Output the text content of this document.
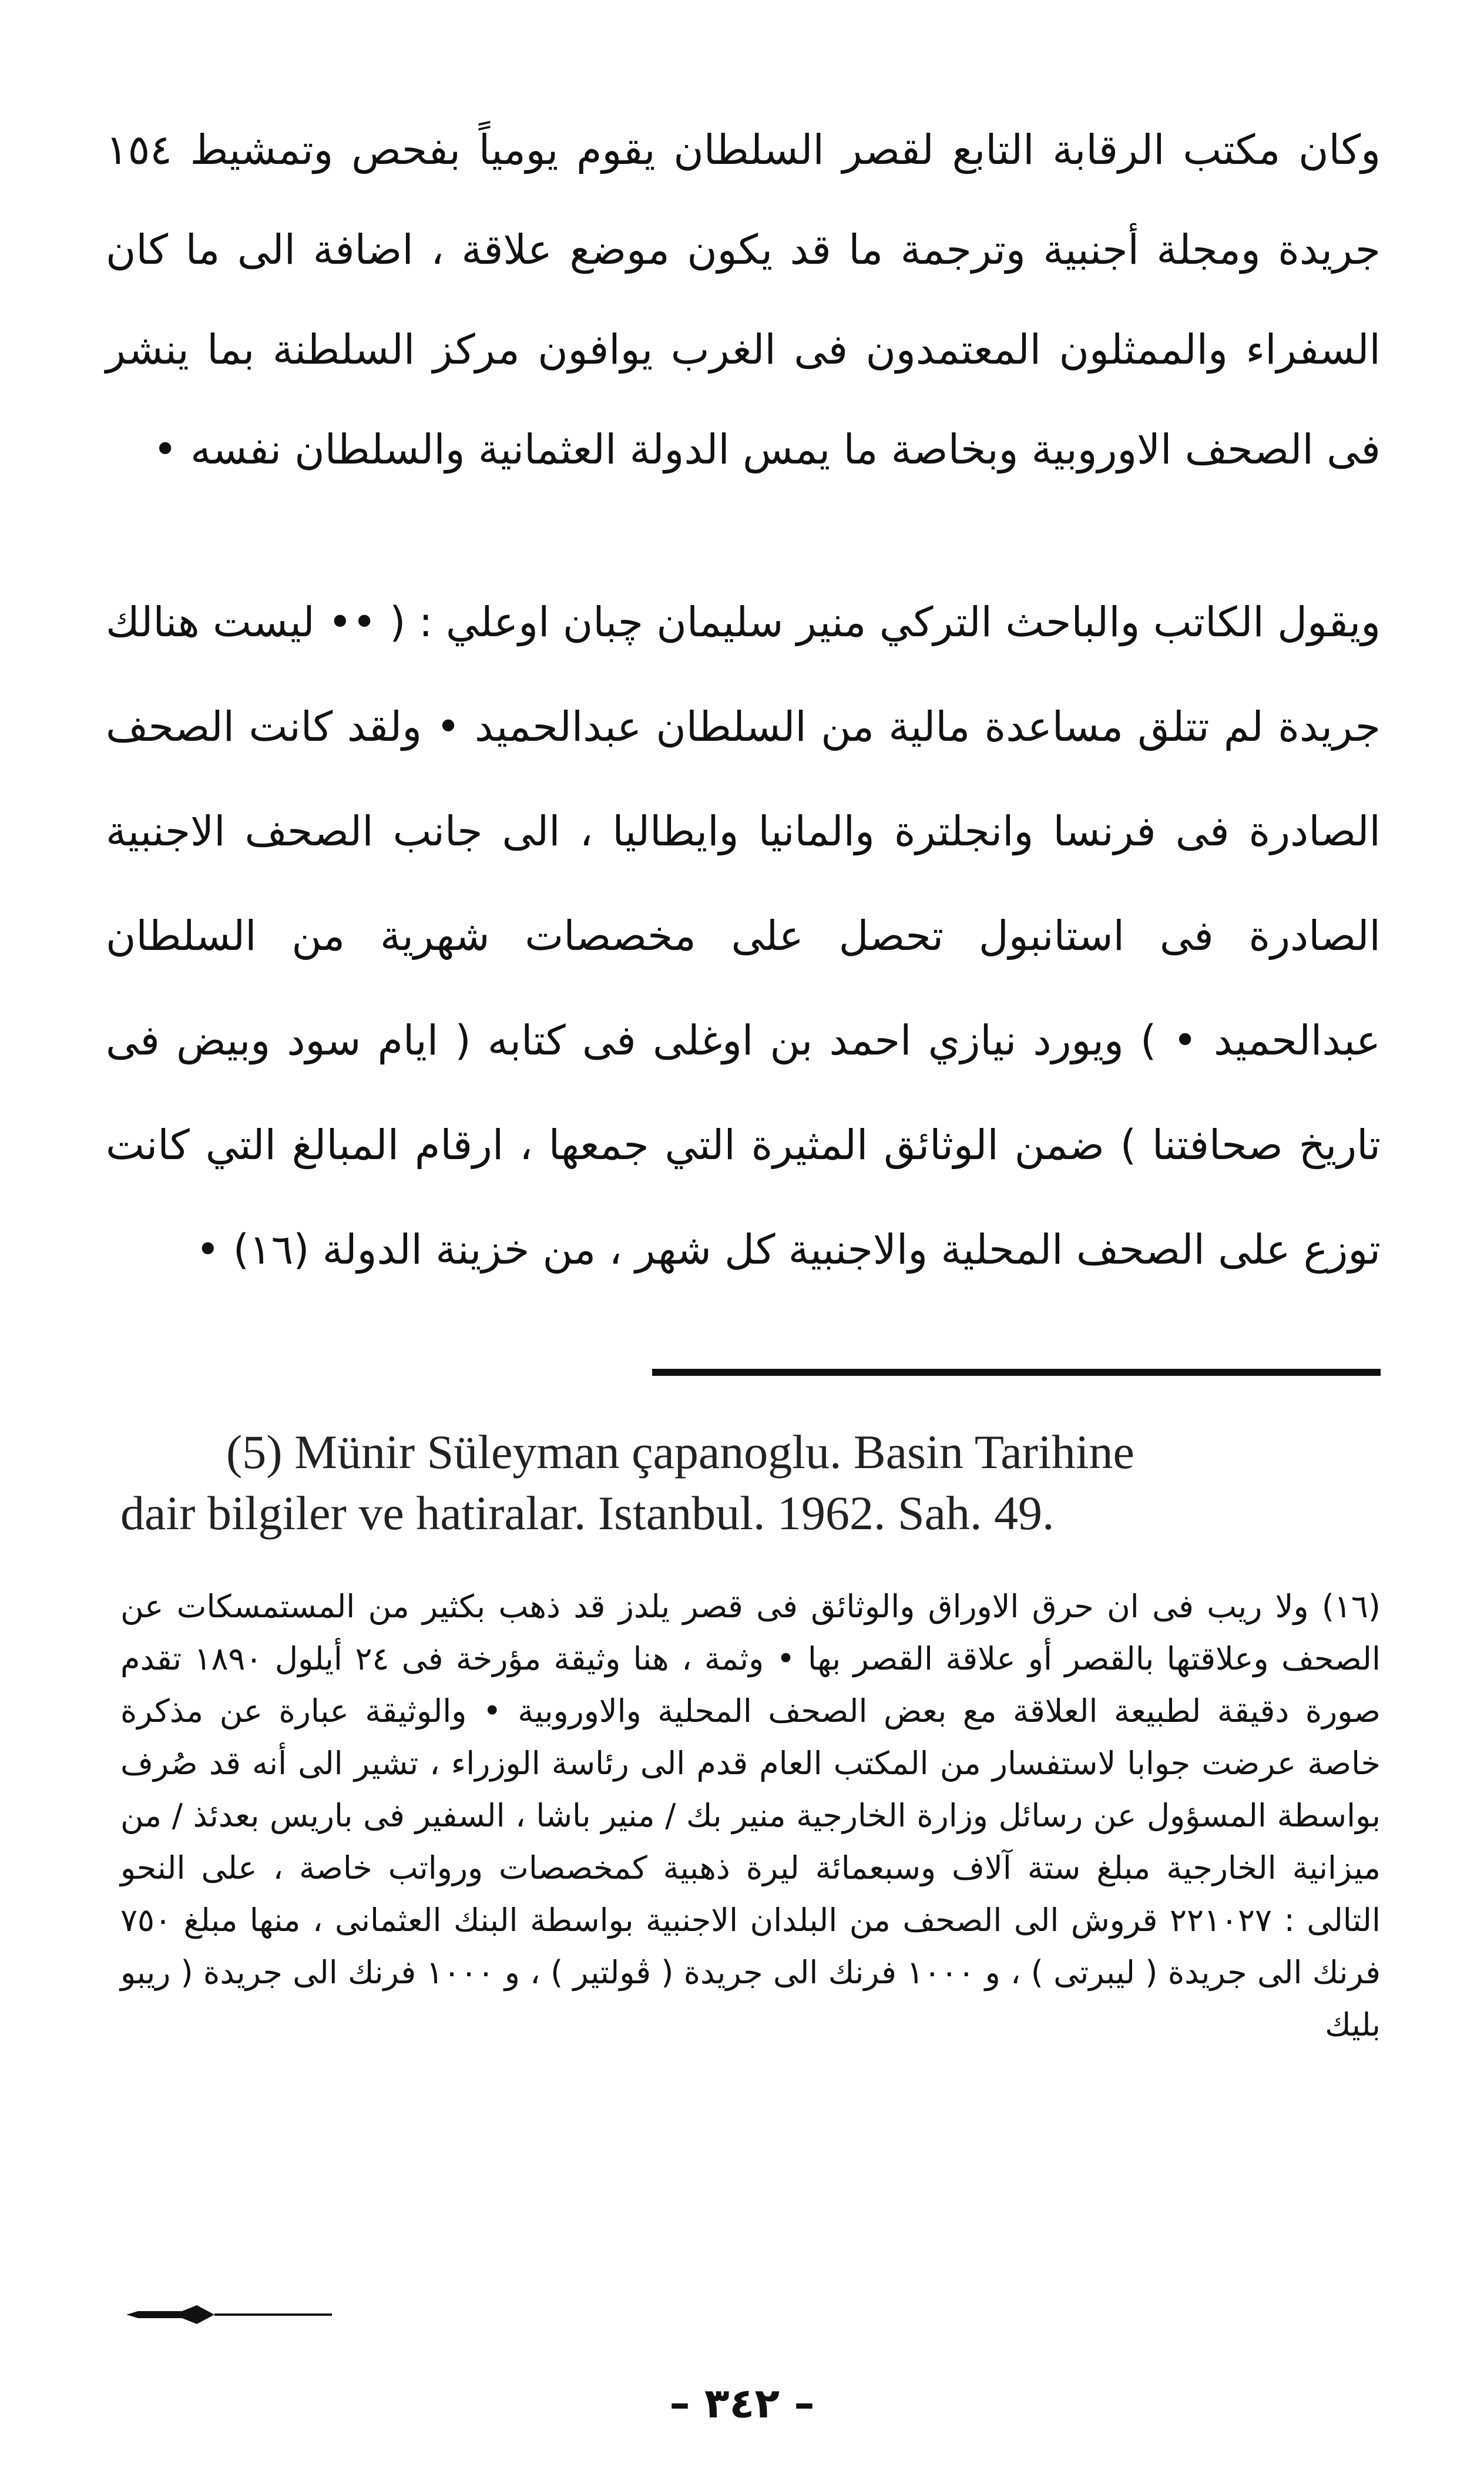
وكان مكتب الرقابة التابع لقصر السلطان يقوم يومياً بفحص وتمشيط ١٥٤ جريدة ومجلة أجنبية وترجمة ما قد يكون موضع علاقة ، اضافة الى ما كان السفراء والممثلون المعتمدون فى الغرب يوافون مركز السلطنة بما ينشر فى الصحف الاوروبية وبخاصة ما يمس الدولة العثمانية والسلطان نفسه •
ويقول الكاتب والباحث التركي منير سليمان چبان اوعلي : ( •• ليست هنالك جريدة لم تتلق مساعدة مالية من السلطان عبدالحميد • ولقد كانت الصحف الصادرة فى فرنسا وانجلترة والمانيا وايطاليا ، الى جانب الصحف الاجنبية الصادرة فى استانبول تحصل على مخصصات شهرية من السلطان عبدالحميد • ) ويورد نيازي احمد بن اوغلى فى كتابه ( ايام سود وبيض فى تاريخ صحافتنا ) ضمن الوثائق المثيرة التي جمعها ، ارقام المبالغ التي كانت توزع على الصحف المحلية والاجنبية كل شهر ، من خزينة الدولة (١٦) •
(5) Münir Süleyman çapanoglu. Basin Tarihine
dair bilgiler ve hatiralar. Istanbul. 1962. Sah. 49.
(١٦) ولا ريب فى ان حرق الاوراق والوثائق فى قصر يلدز قد ذهب بكثير من المستمسكات عن الصحف وعلاقتها بالقصر أو علاقة القصر بها • وثمة ، هنا وثيقة مؤرخة فى ٢٤ أيلول ١٨٩٠ تقدم صورة دقيقة لطبيعة العلاقة مع بعض الصحف المحلية والاوروبية • والوثيقة عبارة عن مذكرة خاصة عرضت جوابا لاستفسار من المكتب العام قدم الى رئاسة الوزراء ، تشير الى أنه قد صُرف بواسطة المسؤول عن رسائل وزارة الخارجية منير بك / منير باشا ، السفير فى باريس بعدئذ / من ميزانية الخارجية مبلغ ستة آلاف وسبعمائة ليرة ذهبية كمخصصات ورواتب خاصة ، على النحو التالى : ٢٢١٠٢٧ قروش الى الصحف من البلدان الاجنبية بواسطة البنك العثمانى ، منها مبلغ ٧٥٠ فرنك الى جريدة ( ليبرتى ) ، و ١٠٠٠ فرنك الى جريدة ( ڤولتير ) ، و ١٠٠٠ فرنك الى جريدة ( ريبو بليك
– ٣٤٢ –
